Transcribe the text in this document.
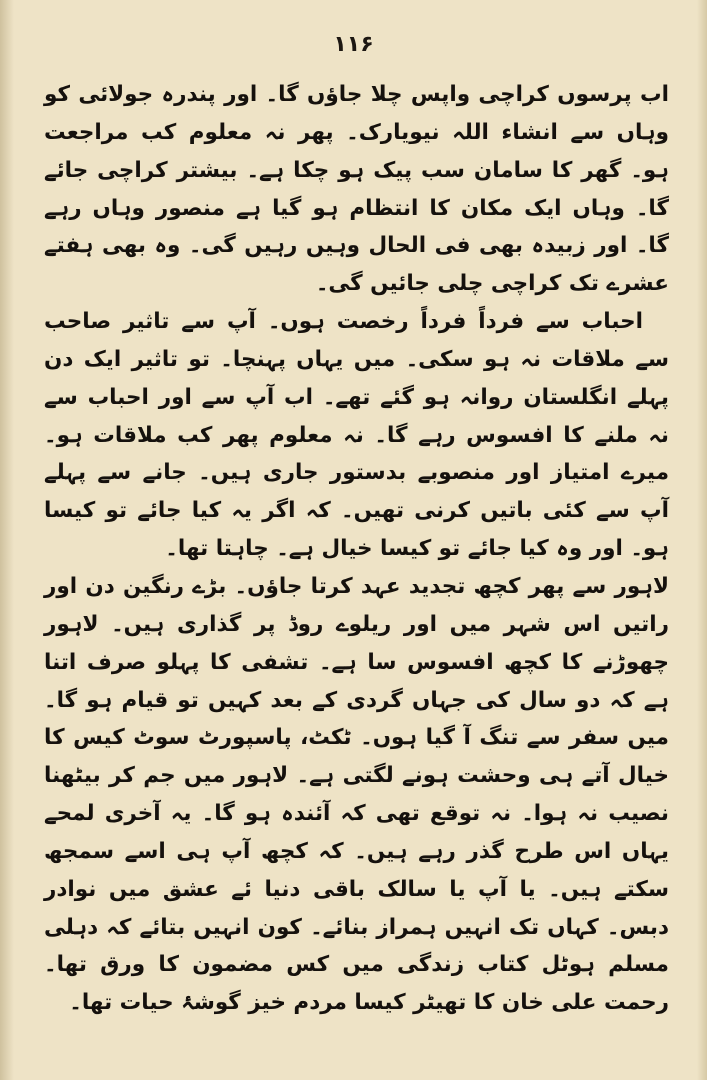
۱۱۶

اب پرسوں کراچی واپس چلا جاؤں گا۔ اور پندرہ جولائی کو وہاں سے انشاء اللہ نیویارک۔ پھر نہ معلوم کب مراجعت ہو۔ گھر کا سامان سب پیک ہو چکا ہے۔ بیشتر کراچی جائے گا۔ وہاں ایک مکان کا انتظام ہو گیا ہے منصور وہاں رہے گا۔ اور زبیدہ بھی فی الحال وہیں رہیں گی۔ وہ بھی ہفتے عشرے تک کراچی چلی جائیں گی۔

احباب سے فرداً فرداً رخصت ہوں۔ آپ سے تاثیر صاحب سے ملاقات نہ ہو سکی۔ میں یہاں پہنچا۔ تو تاثیر ایک دن پہلے انگلستان روانہ ہو گئے تھے۔ اب آپ سے اور احباب سے نہ ملنے کا افسوس رہے گا۔ نہ معلوم پھر کب ملاقات ہو۔ میرے امتیاز اور منصوبے بدستور جاری ہیں۔ جانے سے پہلے آپ سے کئی باتیں کرنی تھیں۔ کہ اگر یہ کیا جائے تو کیسا ہو۔ اور وہ کیا جائے تو کیسا خیال ہے۔ چاہتا تھا۔

لاہور سے پھر کچھ تجدید عہد کرتا جاؤں۔ بڑے رنگین دن اور راتیں اس شہر میں اور ریلوے روڈ پر گذاری ہیں۔ لاہور چھوڑنے کا کچھ افسوس سا ہے۔ تشفی کا پہلو صرف اتنا ہے کہ دو سال کی جہاں گردی کے بعد کہیں تو قیام ہو گا۔ میں سفر سے تنگ آ گیا ہوں۔ ٹکٹ، پاسپورٹ سوٹ کیس کا خیال آتے ہی وحشت ہونے لگتی ہے۔ لاہور میں جم کر بیٹھنا نصیب نہ ہوا۔ نہ توقع تھی کہ آئندہ ہو گا۔ یہ آخری لمحے یہاں اس طرح گذر رہے ہیں۔ کہ کچھ آپ ہی اسے سمجھ سکتے ہیں۔ یا آپ یا سالک باقی دنیا ئے عشق میں نوادر دبس۔ کہاں تک انہیں ہمراز بنائے۔ کون انہیں بتائے کہ دہلی مسلم ہوٹل کتاب زندگی میں کس مضمون کا ورق تھا۔ رحمت علی خان کا تھیٹر کیسا مردم خیز گوشۂ حیات تھا۔
